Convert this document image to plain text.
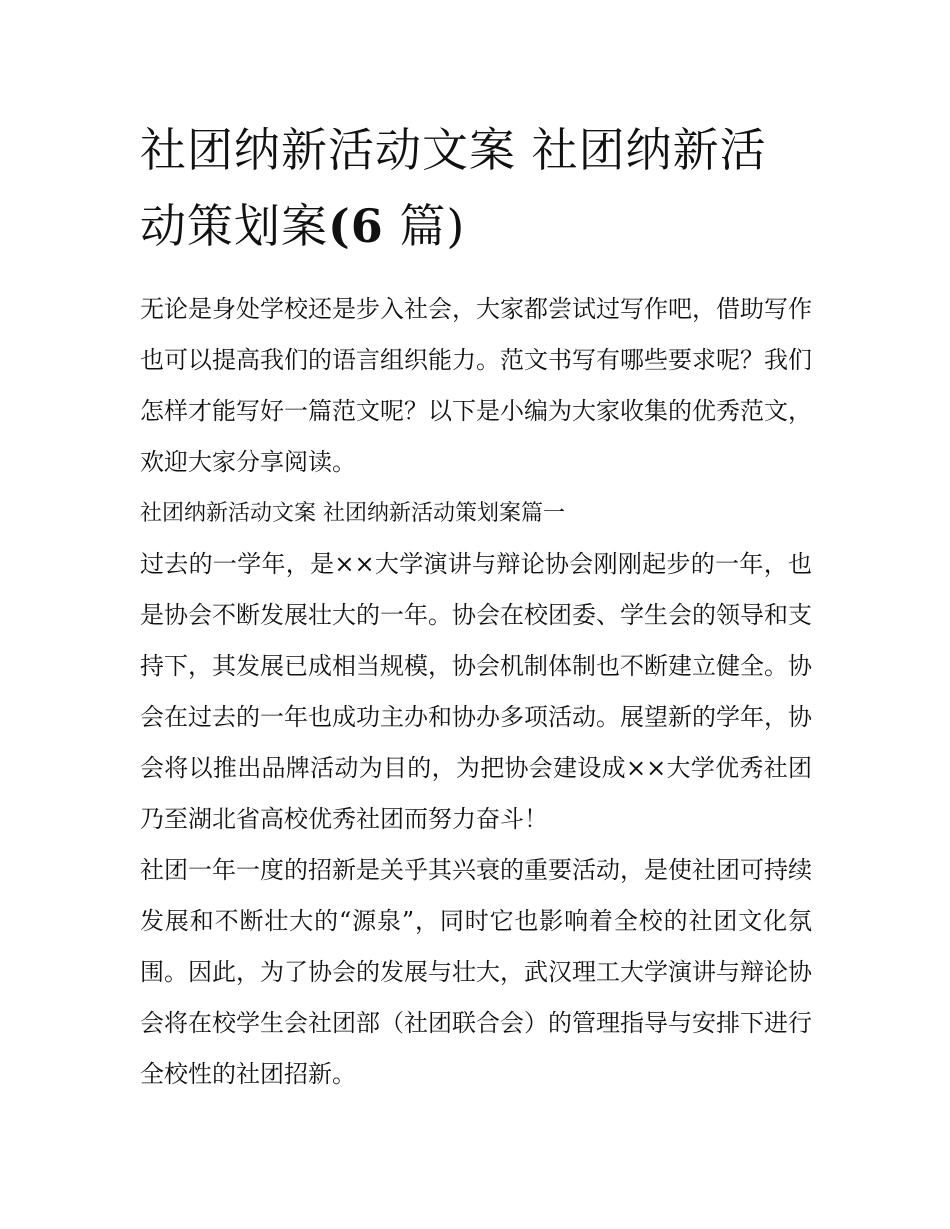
社团纳新活动文案 社团纳新活
动策划案(6 篇)

无论是身处学校还是步入社会，大家都尝试过写作吧，借助写作也可以提高我们的语言组织能力。范文书写有哪些要求呢？我们怎样才能写好一篇范文呢？以下是小编为大家收集的优秀范文，欢迎大家分享阅读。

社团纳新活动文案 社团纳新活动策划案篇一

过去的一学年，是××大学演讲与辩论协会刚刚起步的一年，也是协会不断发展壮大的一年。协会在校团委、学生会的领导和支持下，其发展已成相当规模，协会机制体制也不断建立健全。协会在过去的一年也成功主办和协办多项活动。展望新的学年，协会将以推出品牌活动为目的，为把协会建设成××大学优秀社团乃至湖北省高校优秀社团而努力奋斗！

社团一年一度的招新是关乎其兴衰的重要活动，是使社团可持续发展和不断壮大的“源泉”，同时它也影响着全校的社团文化氛围。因此，为了协会的发展与壮大，武汉理工大学演讲与辩论协会将在校学生会社团部（社团联合会）的管理指导与安排下进行全校性的社团招新。
